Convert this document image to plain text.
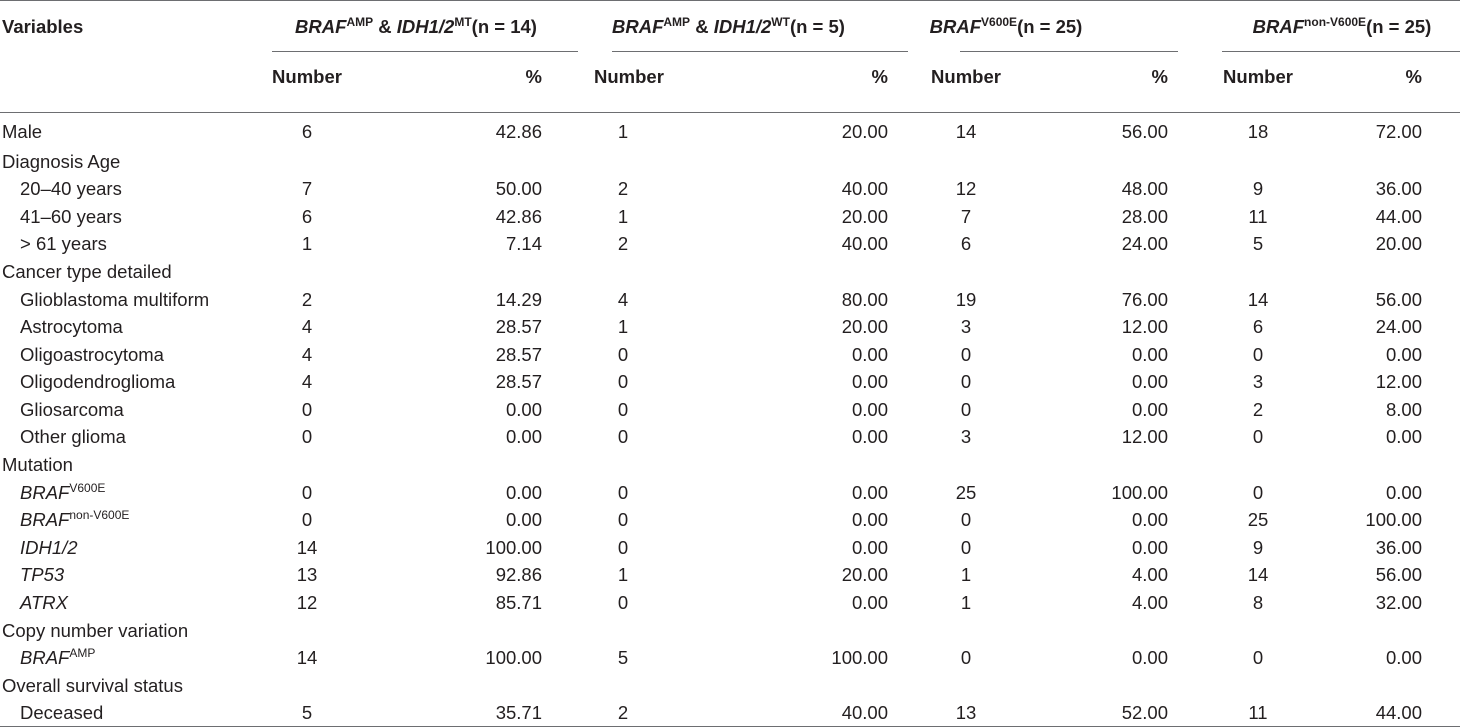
Variables	$BRAF^{AMP}$ & $IDH1/2^{MT}(n = 14)$	$BRAF^{AMP}$ & $IDH1/2^{WT}(n = 5)$	$BRAF^{V600E}(n = 25)$	$BRAF^{non-V600E}(n = 25)$
	Number	%	Number	%	Number	%	Number	%
Male	6	42.86	1	20.00	14	56.00	18	72.00
Diagnosis Age								
20–40 years	7	50.00	2	40.00	12	48.00	9	36.00
41–60 years	6	42.86	1	20.00	7	28.00	11	44.00
> 61 years	1	7.14	2	40.00	6	24.00	5	20.00
Cancer type detailed								
Glioblastoma multiform	2	14.29	4	80.00	19	76.00	14	56.00
Astrocytoma	4	28.57	1	20.00	3	12.00	6	24.00
Oligoastrocytoma	4	28.57	0	0.00	0	0.00	0	0.00
Oligodendroglioma	4	28.57	0	0.00	0	0.00	3	12.00
Gliosarcoma	0	0.00	0	0.00	0	0.00	2	8.00
Other glioma	0	0.00	0	0.00	3	12.00	0	0.00
Mutation								
$BRAF^{V600E}$	0	0.00	0	0.00	25	100.00	0	0.00
$BRAF^{non-V600E}$	0	0.00	0	0.00	0	0.00	25	100.00
IDH1/2	14	100.00	0	0.00	0	0.00	9	36.00
TP53	13	92.86	1	20.00	1	4.00	14	56.00
ATRX	12	85.71	0	0.00	1	4.00	8	32.00
Copy number variation								
$BRAF^{AMP}$	14	100.00	5	100.00	0	0.00	0	0.00
Overall survival status								
Deceased	5	35.71	2	40.00	13	52.00	11	44.00
